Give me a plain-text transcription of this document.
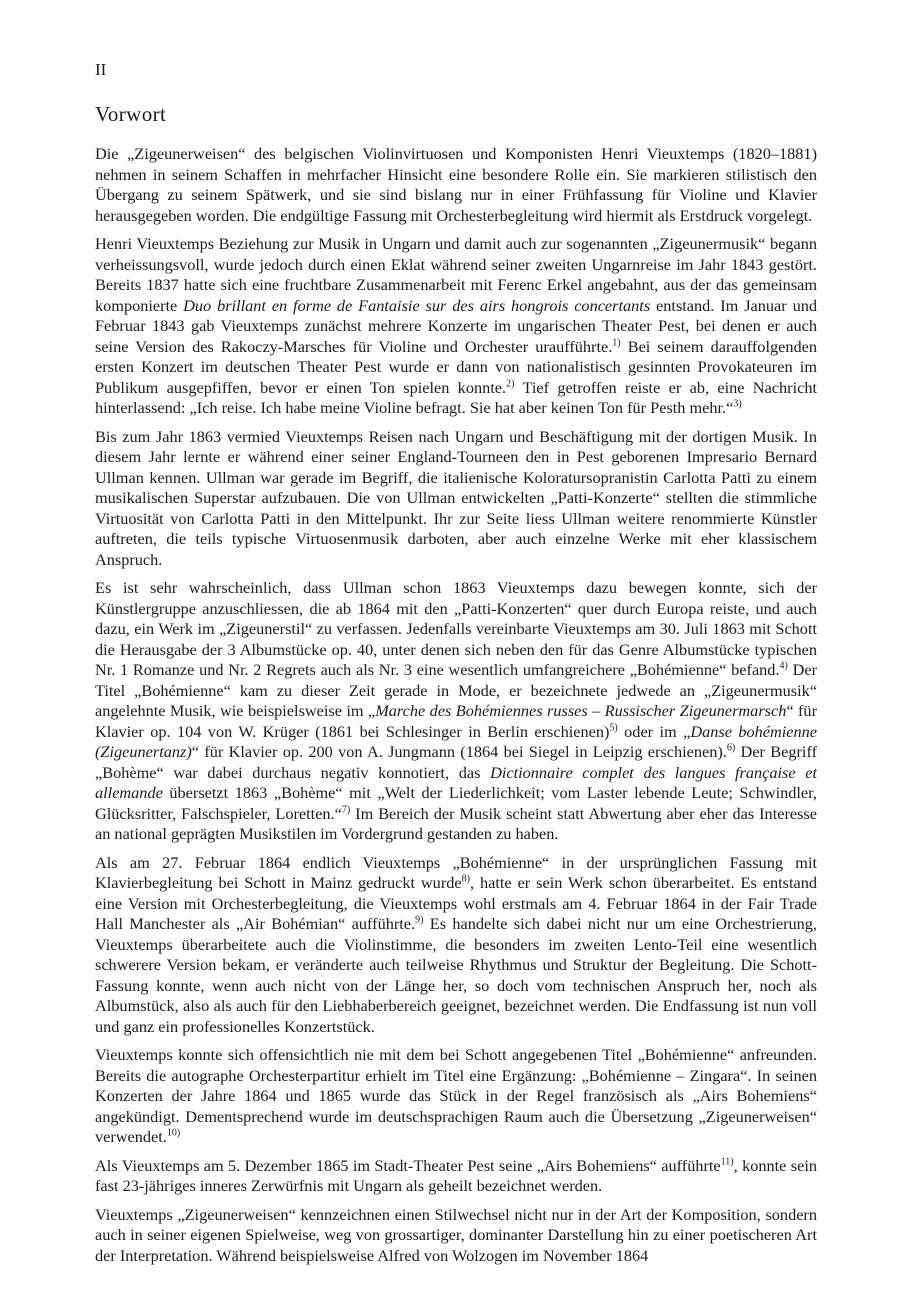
II
Vorwort

Die „Zigeunerweisen“ des belgischen Violinvirtuosen und Komponisten Henri Vieuxtemps (1820–1881) nehmen in seinem Schaffen in mehrfacher Hinsicht eine besondere Rolle ein. Sie markieren stilistisch den Übergang zu seinem Spätwerk, und sie sind bislang nur in einer Frühfassung für Violine und Klavier herausgegeben worden. Die endgültige Fassung mit Orchesterbegleitung wird hiermit als Erstdruck vorgelegt.

Henri Vieuxtemps Beziehung zur Musik in Ungarn und damit auch zur sogenannten „Zigeunermusik“ begann verheissungsvoll, wurde jedoch durch einen Eklat während seiner zweiten Ungarnreise im Jahr 1843 gestört. Bereits 1837 hatte sich eine fruchtbare Zusammenarbeit mit Ferenc Erkel angebahnt, aus der das gemeinsam komponierte Duo brillant en forme de Fantaisie sur des airs hongrois concertants entstand. Im Januar und Februar 1843 gab Vieuxtemps zunächst mehrere Konzerte im ungarischen Theater Pest, bei denen er auch seine Version des Rakoczy-Marsches für Violine und Orchester uraufführte.$^{1)}$ Bei seinem darauffolgenden ersten Konzert im deutschen Theater Pest wurde er dann von nationalistisch gesinnten Provokateuren im Publikum ausgepfiffen, bevor er einen Ton spielen konnte.$^{2)}$ Tief getroffen reiste er ab, eine Nachricht hinterlassend: „Ich reise. Ich habe meine Violine befragt. Sie hat aber keinen Ton für Pesth mehr.“$^{3)}$

Bis zum Jahr 1863 vermied Vieuxtemps Reisen nach Ungarn und Beschäftigung mit der dortigen Musik. In diesem Jahr lernte er während einer seiner England-Tourneen den in Pest geborenen Impresario Bernard Ullman kennen. Ullman war gerade im Begriff, die italienische Koloratursopranistin Carlotta Patti zu einem musikalischen Superstar aufzubauen. Die von Ullman entwickelten „Patti-Konzerte“ stellten die stimmliche Virtuosität von Carlotta Patti in den Mittelpunkt. Ihr zur Seite liess Ullman weitere renommierte Künstler auftreten, die teils typische Virtuosenmusik darboten, aber auch einzelne Werke mit eher klassischem Anspruch.

Es ist sehr wahrscheinlich, dass Ullman schon 1863 Vieuxtemps dazu bewegen konnte, sich der Künstlergruppe anzuschliessen, die ab 1864 mit den „Patti-Konzerten“ quer durch Europa reiste, und auch dazu, ein Werk im „Zigeunerstil“ zu verfassen. Jedenfalls vereinbarte Vieuxtemps am 30. Juli 1863 mit Schott die Herausgabe der 3 Albumstücke op. 40, unter denen sich neben den für das Genre Albumstücke typischen Nr. 1 Romanze und Nr. 2 Regrets auch als Nr. 3 eine wesentlich umfangreichere „Bohémienne“ befand.$^{4)}$ Der Titel „Bohémienne“ kam zu dieser Zeit gerade in Mode, er bezeichnete jedwede an „Zigeunermusik“ angelehnte Musik, wie beispielsweise im „Marche des Bohémiennes russes – Russischer Zigeunermarsch“ für Klavier op. 104 von W. Krüger (1861 bei Schlesinger in Berlin erschienen)$^{5)}$ oder im „Danse bohémienne (Zigeunertanz)“ für Klavier op. 200 von A. Jungmann (1864 bei Siegel in Leipzig erschienen).$^{6)}$ Der Begriff „Bohème“ war dabei durchaus negativ konnotiert, das Dictionnaire complet des langues française et allemande übersetzt 1863 „Bohème“ mit „Welt der Liederlichkeit; vom Laster lebende Leute; Schwindler, Glücksritter, Falschspieler, Loretten.“$^{7)}$ Im Bereich der Musik scheint statt Abwertung aber eher das Interesse an national geprägten Musikstilen im Vordergrund gestanden zu haben.

Als am 27. Februar 1864 endlich Vieuxtemps „Bohémienne“ in der ursprünglichen Fassung mit Klavierbegleitung bei Schott in Mainz gedruckt wurde$^{8)}$, hatte er sein Werk schon überarbeitet. Es entstand eine Version mit Orchesterbegleitung, die Vieuxtemps wohl erstmals am 4. Februar 1864 in der Fair Trade Hall Manchester als „Air Bohémian“ aufführte.$^{9)}$ Es handelte sich dabei nicht nur um eine Orchestrierung, Vieuxtemps überarbeitete auch die Violinstimme, die besonders im zweiten Lento-Teil eine wesentlich schwerere Version bekam, er veränderte auch teilweise Rhythmus und Struktur der Begleitung. Die Schott-Fassung konnte, wenn auch nicht von der Länge her, so doch vom technischen Anspruch her, noch als Albumstück, also als auch für den Liebhaberbereich geeignet, bezeichnet werden. Die Endfassung ist nun voll und ganz ein professionelles Konzertstück.

Vieuxtemps konnte sich offensichtlich nie mit dem bei Schott angegebenen Titel „Bohémienne“ anfreunden. Bereits die autographe Orchesterpartitur erhielt im Titel eine Ergänzung: „Bohémienne – Zingara“. In seinen Konzerten der Jahre 1864 und 1865 wurde das Stück in der Regel französisch als „Airs Bohemiens“ angekündigt. Dementsprechend wurde im deutschsprachigen Raum auch die Übersetzung „Zigeunerweisen“ verwendet.$^{10)}$

Als Vieuxtemps am 5. Dezember 1865 im Stadt-Theater Pest seine „Airs Bohemiens“ aufführte$^{11)}$, konnte sein fast 23-jähriges inneres Zerwürfnis mit Ungarn als geheilt bezeichnet werden.

Vieuxtemps „Zigeunerweisen“ kennzeichnen einen Stilwechsel nicht nur in der Art der Komposition, sondern auch in seiner eigenen Spielweise, weg von grossartiger, dominanter Darstellung hin zu einer poetischeren Art der Interpretation. Während beispielsweise Alfred von Wolzogen im November 1864
